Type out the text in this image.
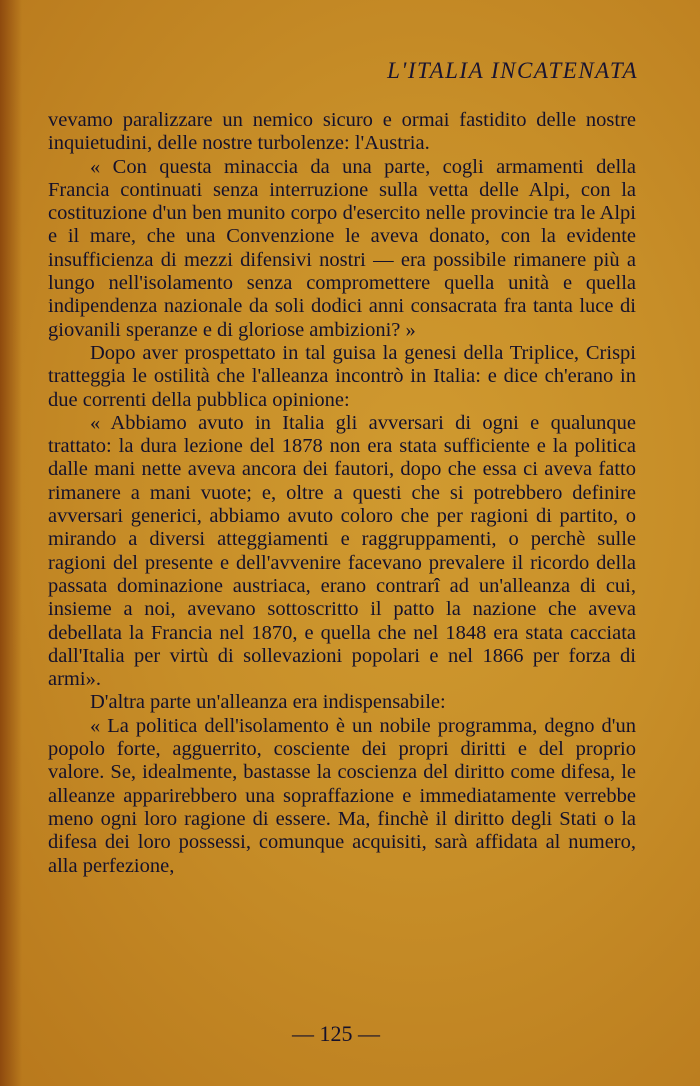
L'ITALIA INCATENATA

vevamo paralizzare un nemico sicuro e ormai fastidito delle nostre inquietudini, delle nostre turbolenze: l'Austria.

« Con questa minaccia da una parte, cogli armamenti della Francia continuati senza interruzione sulla vetta delle Alpi, con la costituzione d'un ben munito corpo d'esercito nelle provincie tra le Alpi e il mare, che una Convenzione le aveva donato, con la evidente insufficienza di mezzi difensivi nostri — era possibile rimanere più a lungo nell'isolamento senza compromettere quella unità e quella indipendenza nazionale da soli dodici anni consacrata fra tanta luce di giovanili speranze e di gloriose ambizioni? »

Dopo aver prospettato in tal guisa la genesi della Triplice, Crispi tratteggia le ostilità che l'alleanza incontrò in Italia: e dice ch'erano in due correnti della pubblica opinione:

« Abbiamo avuto in Italia gli avversari di ogni e qualunque trattato: la dura lezione del 1878 non era stata sufficiente e la politica dalle mani nette aveva ancora dei fautori, dopo che essa ci aveva fatto rimanere a mani vuote; e, oltre a questi che si potrebbero definire avversari generici, abbiamo avuto coloro che per ragioni di partito, o mirando a diversi atteggiamenti e raggruppamenti, o perchè sulle ragioni del presente e dell'avvenire facevano prevalere il ricordo della passata dominazione austriaca, erano contrarî ad un'alleanza di cui, insieme a noi, avevano sottoscritto il patto la nazione che aveva debellata la Francia nel 1870, e quella che nel 1848 era stata cacciata dall'Italia per virtù di sollevazioni popolari e nel 1866 per forza di armi».

D'altra parte un'alleanza era indispensabile:

« La politica dell'isolamento è un nobile programma, degno d'un popolo forte, agguerrito, cosciente dei propri diritti e del proprio valore. Se, idealmente, bastasse la coscienza del diritto come difesa, le alleanze apparirebbero una sopraffazione e immediatamente verrebbe meno ogni loro ragione di essere. Ma, finchè il diritto degli Stati o la difesa dei loro possessi, comunque acquisiti, sarà affidata al numero, alla perfezione,

— 125 —
